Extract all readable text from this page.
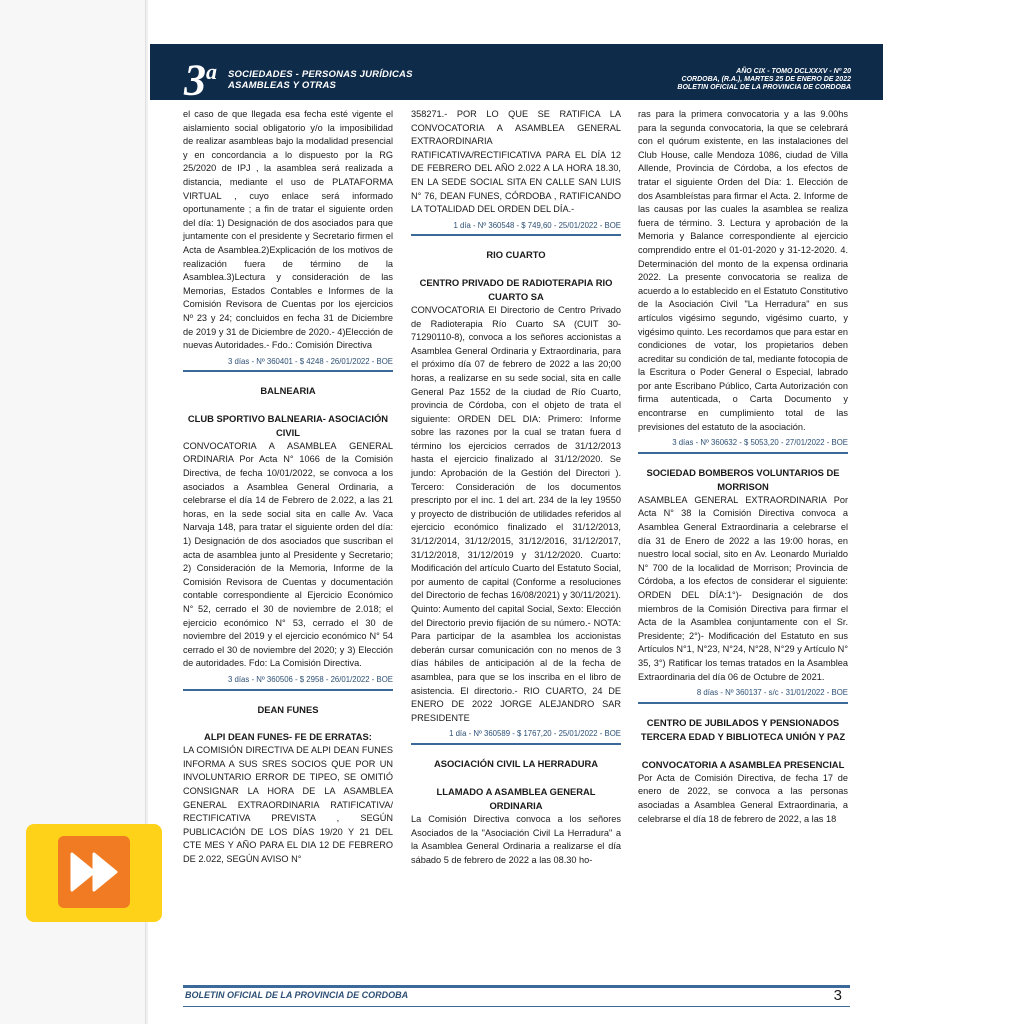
3$^a$ SOCIEDADES - PERSONAS JURÍDICAS
ASAMBLEAS Y OTRAS
AÑO CIX - TOMO DCLXXXV - Nº 20
CORDOBA, (R.A.), MARTES 25 DE ENERO DE 2022
BOLETIN OFICIAL DE LA PROVINCIA DE CORDOBA

el caso de que llegada esa fecha esté vigente el aislamiento social obligatorio y/o la imposibilidad de realizar asambleas bajo la modalidad presencial y en concordancia a lo dispuesto por la RG 25/2020 de IPJ , la asamblea será realizada a distancia, mediante el uso de PLATAFORMA VIRTUAL , cuyo enlace será informado oportunamente ; a fin de tratar el siguiente orden del día: 1) Designación de dos asociados para que juntamente con el presidente y Secretario firmen el Acta de Asamblea.2)Explicación de los motivos de realización fuera de término de la Asamblea.3)Lectura y consideración de las Memorias, Estados Contables e Informes de la Comisión Revisora de Cuentas por los ejercicios Nº 23 y 24; concluidos en fecha 31 de Diciembre de 2019 y 31 de Diciembre de 2020.- 4)Elección de nuevas Autoridades.- Fdo.: Comisión Directiva

3 días - Nº 360401 - $ 4248 - 26/01/2022 - BOE
BALNEARIA
CLUB SPORTIVO BALNEARIA- ASOCIACIÓN CIVIL

CONVOCATORIA A ASAMBLEA GENERAL ORDINARIA Por Acta N° 1066 de la Comisión Directiva, de fecha 10/01/2022, se convoca a los asociados a Asamblea General Ordinaria, a celebrarse el día 14 de Febrero de 2.022, a las 21 horas, en la sede social sita en calle Av. Vaca Narvaja 148, para tratar el siguiente orden del día: 1) Designación de dos asociados que suscriban el acta de asamblea junto al Presidente y Secretario; 2) Consideración de la Memoria, Informe de la Comisión Revisora de Cuentas y documentación contable correspondiente al Ejercicio Económico N° 52, cerrado el 30 de noviembre de 2.018; el ejercicio económico N° 53, cerrado el 30 de noviembre del 2019 y el ejercicio económico N° 54 cerrado el 30 de noviembre del 2020; y 3) Elección de autoridades. Fdo: La Comisión Directiva.

3 días - Nº 360506 - $ 2958 - 26/01/2022 - BOE
DEAN FUNES
ALPI DEAN FUNES- FE DE ERRATAS:

LA COMISIÓN DIRECTIVA DE ALPI DEAN FUNES INFORMA A SUS SRES SOCIOS QUE POR UN INVOLUNTARIO ERROR DE TIPEO, SE OMITIÓ CONSIGNAR LA HORA DE LA ASAMBLEA GENERAL EXTRAORDINARIA RATIFICATIVA/ RECTIFICATIVA PREVISTA , SEGÚN PUBLICACIÓN DE LOS DÍAS 19/20 Y 21 DEL CTE MES Y AÑO PARA EL DIA 12 DE FEBRERO DE 2.022, SEGÚN AVISO N°

358271.- POR LO QUE SE RATIFICA LA CONVOCATORIA A ASAMBLEA GENERAL EXTRAORDINARIA RATIFICATIVA/RECTIFICATIVA PARA EL DÍA 12 DE FEBRERO DEL AÑO 2.022 A LA HORA 18.30, EN LA SEDE SOCIAL SITA EN CALLE SAN LUIS N° 76, DEAN FUNES, CÓRDOBA , RATIFICANDO LA TOTALIDAD DEL ORDEN DEL DÍA.-

1 día - Nº 360548 - $ 749,60 - 25/01/2022 - BOE
RIO CUARTO
CENTRO PRIVADO DE RADIOTERAPIA RIO CUARTO SA

CONVOCATORIA El Directorio de Centro Privado de Radioterapia Río Cuarto SA (CUIT 30-71290110-8), convoca a los señores accionistas a Asamblea General Ordinaria y Extraordinaria, para el próximo día 07 de febrero de 2022 a las 20;00 horas, a realizarse en su sede social, sita en calle General Paz 1552 de la ciudad de Río Cuarto, provincia de Córdoba, con el objeto de trata el siguiente: ORDEN DEL DIA: Primero: Informe sobre las razones por la cual se tratan fuera d término los ejercicios cerrados de 31/12/2013 hasta el ejercicio finalizado al 31/12/2020. Se jundo: Aprobación de la Gestión del Directori ). Tercero: Consideración de los documentos prescripto por el inc. 1 del art. 234 de la ley 19550 y proyecto de distribución de utilidades referidos al ejercicio económico finalizado el 31/12/2013, 31/12/2014, 31/12/2015, 31/12/2016, 31/12/2017, 31/12/2018, 31/12/2019 y 31/12/2020. Cuarto: Modificación del artículo Cuarto del Estatuto Social, por aumento de capital (Conforme a resoluciones del Directorio de fechas 16/08/2021) y 30/11/2021). Quinto: Aumento del capital Social, Sexto: Elección del Directorio previo fijación de su número.- NOTA: Para participar de la asamblea los accionistas deberán cursar comunicación con no menos de 3 días hábiles de anticipación al de la fecha de asamblea, para que se los inscriba en el libro de asistencia. El directorio.- RIO CUARTO, 24 DE ENERO DE 2022 JORGE ALEJANDRO SAR PRESIDENTE

1 día - Nº 360589 - $ 1767,20 - 25/01/2022 - BOE
ASOCIACIÓN CIVIL LA HERRADURA
LLAMADO A ASAMBLEA GENERAL ORDINARIA

La Comisión Directiva convoca a los señores Asociados de la "Asociación Civil La Herradura" a la Asamblea General Ordinaria a realizarse el día sábado 5 de febrero de 2022 a las 08.30 ho-

ras para la primera convocatoria y a las 9.00hs para la segunda convocatoria, la que se celebrará con el quórum existente, en las instalaciones del Club House, calle Mendoza 1086, ciudad de Villa Allende, Provincia de Córdoba, a los efectos de tratar el siguiente Orden del Día: 1. Elección de dos Asambleístas para firmar el Acta. 2. Informe de las causas por las cuales la asamblea se realiza fuera de término. 3. Lectura y aprobación de la Memoria y Balance correspondiente al ejercicio comprendido entre el 01-01-2020 y 31-12-2020. 4. Determinación del monto de la expensa ordinaria 2022. La presente convocatoria se realiza de acuerdo a lo establecido en el Estatuto Constitutivo de la Asociación Civil "La Herradura" en sus artículos vigésimo segundo, vigésimo cuarto, y vigésimo quinto. Les recordamos que para estar en condiciones de votar, los propietarios deben acreditar su condición de tal, mediante fotocopia de la Escritura o Poder General o Especial, labrado por ante Escribano Público, Carta Autorización con firma autenticada, o Carta Documento y encontrarse en cumplimiento total de las previsiones del estatuto de la asociación.

3 días - Nº 360632 - $ 5053,20 - 27/01/2022 - BOE
SOCIEDAD BOMBEROS VOLUNTARIOS DE MORRISON

ASAMBLEA GENERAL EXTRAORDINARIA Por Acta N° 38 la Comisión Directiva convoca a Asamblea General Extraordinaria a celebrarse el día 31 de Enero de 2022 a las 19:00 horas, en nuestro local social, sito en Av. Leonardo Murialdo N° 700 de la localidad de Morrison; Provincia de Córdoba, a los efectos de considerar el siguiente: ORDEN DEL DÍA:1°)- Designación de dos miembros de la Comisión Directiva para firmar el Acta de la Asamblea conjuntamente con el Sr. Presidente; 2°)- Modificación del Estatuto en sus Artículos N°1, N°23, N°24, N°28, N°29 y Artículo N° 35, 3°) Ratificar los temas tratados en la Asamblea Extraordinaria del día 06 de Octubre de 2021.

8 días - Nº 360137 - s/c - 31/01/2022 - BOE
CENTRO DE JUBILADOS Y PENSIONADOS TERCERA EDAD Y BIBLIOTECA UNIÓN Y PAZ
CONVOCATORIA A ASAMBLEA PRESENCIAL

Por Acta de Comisión Directiva, de fecha 17 de enero de 2022, se convoca a las personas asociadas a Asamblea General Extraordinaria, a celebrarse el día 18 de febrero de 2022, a las 18

BOLETIN OFICIAL DE LA PROVINCIA DE CORDOBA	3
